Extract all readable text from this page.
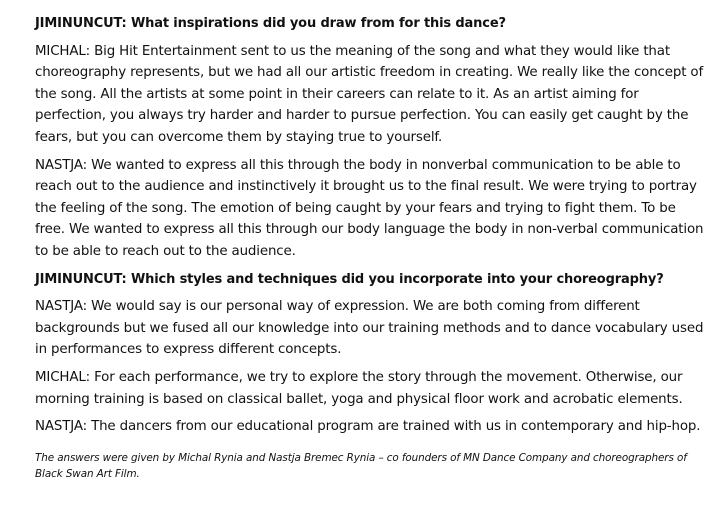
JIMINUNCUT: What inspirations did you draw from for this dance?

MICHAL: Big Hit Entertainment sent to us the meaning of the song and what they would like that choreography represents, but we had all our artistic freedom in creating. We really like the concept of the song. All the artists at some point in their careers can relate to it. As an artist aiming for perfection, you always try harder and harder to pursue perfection. You can easily get caught by the fears, but you can overcome them by staying true to yourself.

NASTJA: We wanted to express all this through the body in nonverbal communication to be able to reach out to the audience and instinctively it brought us to the final result. We were trying to portray the feeling of the song. The emotion of being caught by your fears and trying to fight them. To be free. We wanted to express all this through our body language the body in non-verbal communication to be able to reach out to the audience.

JIMINUNCUT: Which styles and techniques did you incorporate into your choreography?

NASTJA: We would say is our personal way of expression. We are both coming from different backgrounds but we fused all our knowledge into our training methods and to dance vocabulary used in performances to express different concepts.

MICHAL: For each performance, we try to explore the story through the movement. Otherwise, our morning training is based on classical ballet, yoga and physical floor work and acrobatic elements.

NASTJA: The dancers from our educational program are trained with us in contemporary and hip-hop.

The answers were given by Michal Rynia and Nastja Bremec Rynia – co founders of MN Dance Company and choreographers of Black Swan Art Film.
